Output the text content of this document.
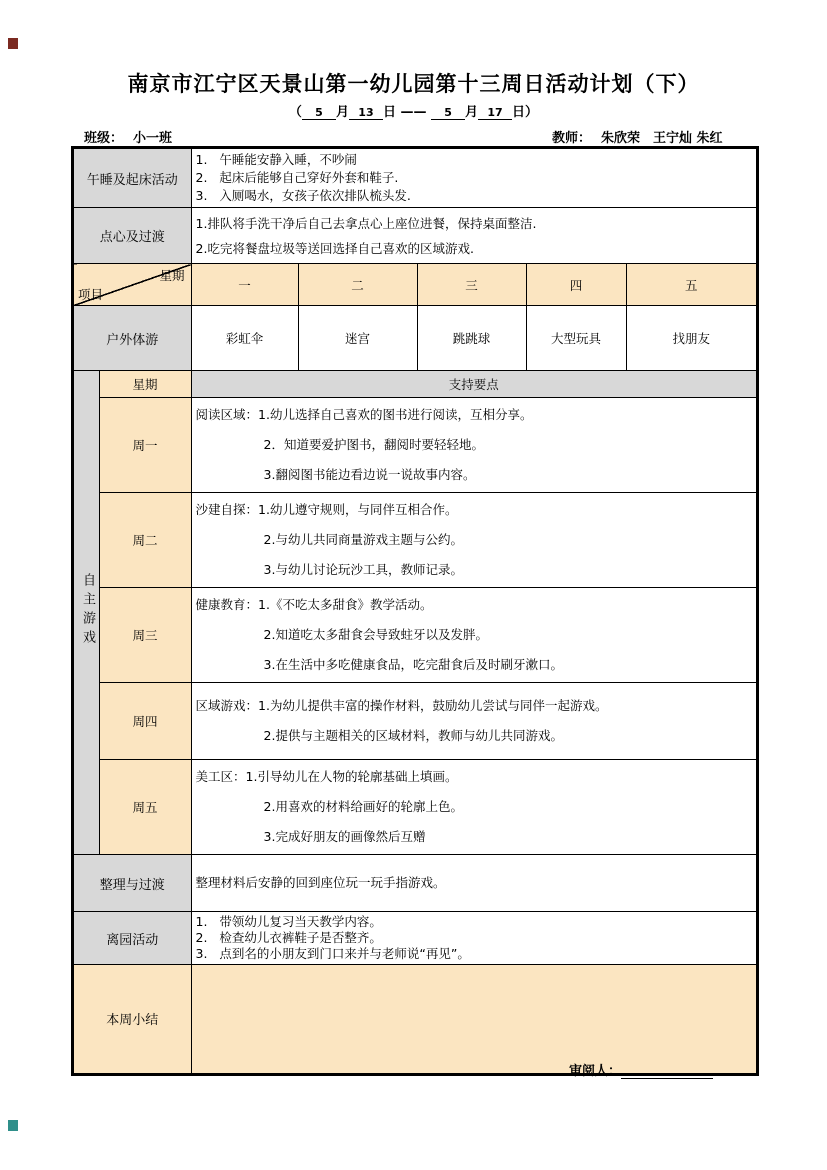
南京市江宁区天景山第一幼儿园第十三周日活动计划（下）
（ 5 月 13 日 —— 5 月 17 日）
班级： 小一班	教师： 朱欣荣　王宁灿 朱红
午睡及起床活动		1.   午睡能安静入睡，不吵闹
2.   起床后能够自己穿好外套和鞋子.
3.   入厕喝水，女孩子依次排队梳头发.				

点心及过渡		1.排队将手洗干净后自己去拿点心上座位进餐，保持桌面整洁.
2.吃完将餐盘垃圾等送回选择自己喜欢的区域游戏.				

星期
项目		一	二	三	四	五
户外体游		彩虹伞	迷宫	跳跳球	大型玩具	找朋友
自主游戏	星期	支持要点				
	周一	阅读区域：1.幼儿选择自己喜欢的图书进行阅读，互相分享。
2．知道要爱护图书，翻阅时要轻轻地。
3.翻阅图书能边看边说一说故事内容。				

	周二	沙建自探：1.幼儿遵守规则，与同伴互相合作。
2.与幼儿共同商量游戏主题与公约。
3.与幼儿讨论玩沙工具，教师记录。				

	周三	健康教育：1.《不吃太多甜食》教学活动。
2.知道吃太多甜食会导致蛀牙以及发胖。
3.在生活中多吃健康食品，吃完甜食后及时刷牙漱口。				

	周四	区域游戏：1.为幼儿提供丰富的操作材料，鼓励幼儿尝试与同伴一起游戏。
2.提供与主题相关的区域材料，教师与幼儿共同游戏。				

	周五	美工区：1.引导幼儿在人物的轮廓基础上填画。
2.用喜欢的材料给画好的轮廓上色。
3.完成好朋友的画像然后互赠				

整理与过渡		整理材料后安静的回到座位玩一玩手指游戏。				

离园活动		1.   带领幼儿复习当天教学内容。
2.   检查幼儿衣裤鞋子是否整齐。
3.   点到名的小朋友到门口来并与老师说“再见”。				

本周小结						
审阅人：
